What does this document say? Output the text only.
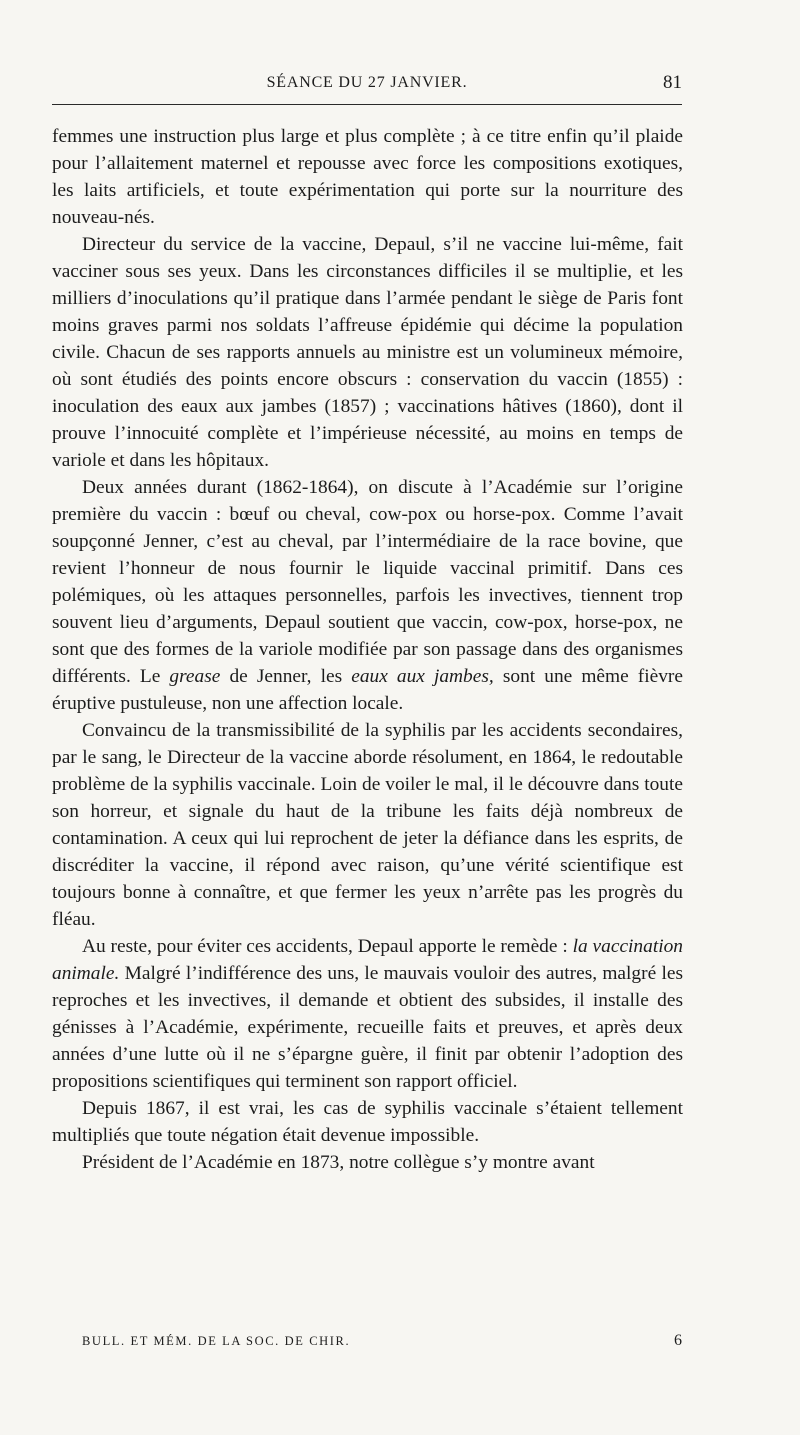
SÉANCE DU 27 JANVIER.	81

femmes une instruction plus large et plus complète ; à ce titre enfin qu’il plaide pour l’allaitement maternel et repousse avec force les compositions exotiques, les laits artificiels, et toute expérimentation qui porte sur la nourriture des nouveau-nés.

Directeur du service de la vaccine, Depaul, s’il ne vaccine lui-même, fait vacciner sous ses yeux. Dans les circonstances difficiles il se multiplie, et les milliers d’inoculations qu’il pratique dans l’armée pendant le siège de Paris font moins graves parmi nos soldats l’affreuse épidémie qui décime la population civile. Chacun de ses rapports annuels au ministre est un volumineux mémoire, où sont étudiés des points encore obscurs : conservation du vaccin (1855) : inoculation des eaux aux jambes (1857) ; vaccinations hâtives (1860), dont il prouve l’innocuité complète et l’impérieuse nécessité, au moins en temps de variole et dans les hôpitaux.

Deux années durant (1862-1864), on discute à l’Académie sur l’origine première du vaccin : bœuf ou cheval, cow-pox ou horse-pox. Comme l’avait soupçonné Jenner, c’est au cheval, par l’intermédiaire de la race bovine, que revient l’honneur de nous fournir le liquide vaccinal primitif. Dans ces polémiques, où les attaques personnelles, parfois les invectives, tiennent trop souvent lieu d’arguments, Depaul soutient que vaccin, cow-pox, horse-pox, ne sont que des formes de la variole modifiée par son passage dans des organismes différents. Le grease de Jenner, les eaux aux jambes, sont une même fièvre éruptive pustuleuse, non une affection locale.

Convaincu de la transmissibilité de la syphilis par les accidents secondaires, par le sang, le Directeur de la vaccine aborde résolument, en 1864, le redoutable problème de la syphilis vaccinale. Loin de voiler le mal, il le découvre dans toute son horreur, et signale du haut de la tribune les faits déjà nombreux de contamination. A ceux qui lui reprochent de jeter la défiance dans les esprits, de discréditer la vaccine, il répond avec raison, qu’une vérité scientifique est toujours bonne à connaître, et que fermer les yeux n’arrête pas les progrès du fléau.

Au reste, pour éviter ces accidents, Depaul apporte le remède : la vaccination animale. Malgré l’indifférence des uns, le mauvais vouloir des autres, malgré les reproches et les invectives, il demande et obtient des subsides, il installe des génisses à l’Académie, expérimente, recueille faits et preuves, et après deux années d’une lutte où il ne s’épargne guère, il finit par obtenir l’adoption des propositions scientifiques qui terminent son rapport officiel.

Depuis 1867, il est vrai, les cas de syphilis vaccinale s’étaient tellement multipliés que toute négation était devenue impossible.

Président de l’Académie en 1873, notre collègue s’y montre avant

BULL. ET MÉM. DE LA SOC. DE CHIR.	6
